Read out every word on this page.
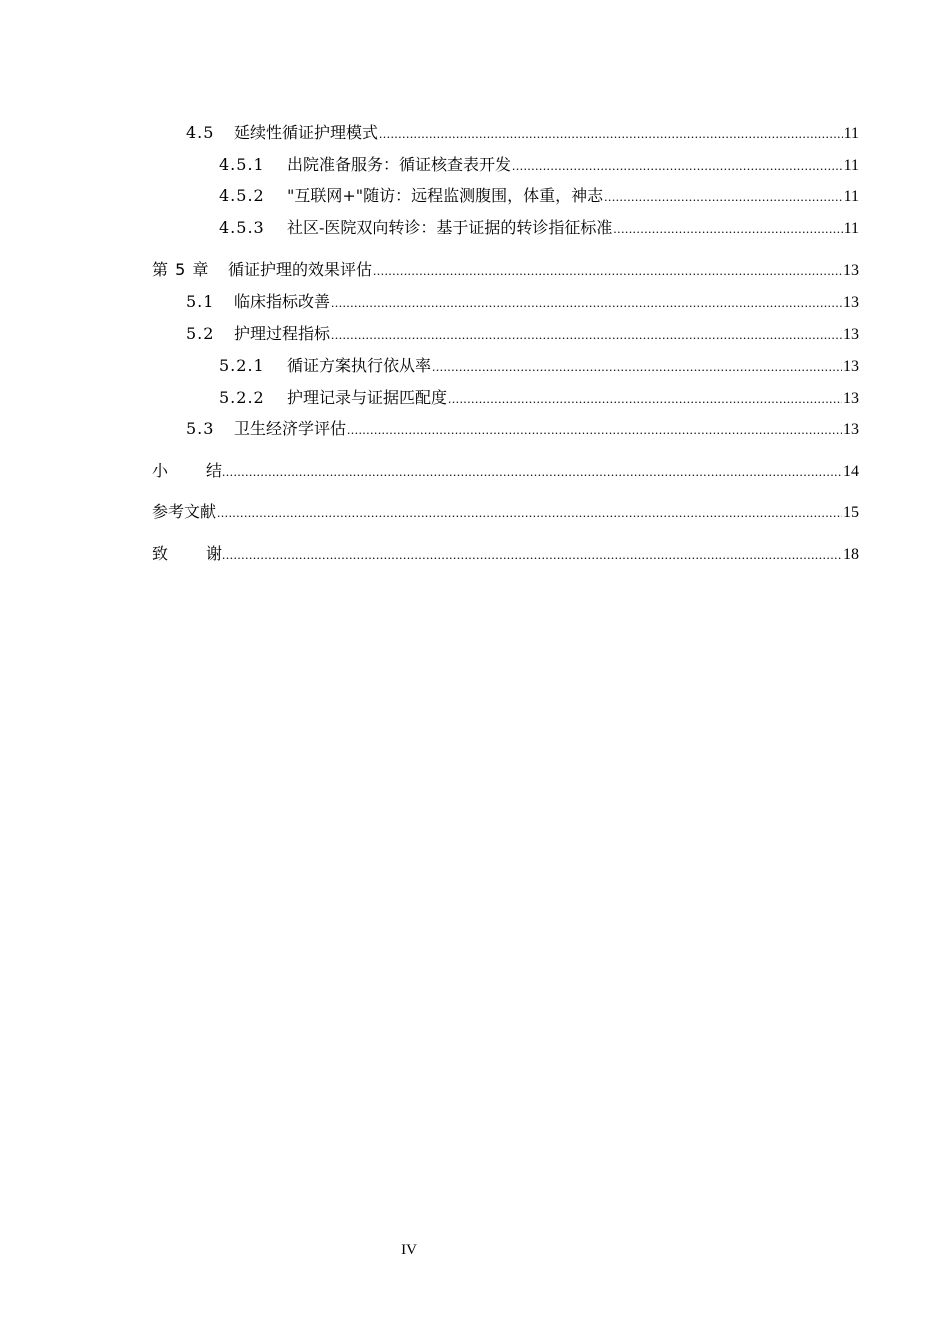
4.5	延续性循证护理模式 .....	11
4.5.1	出院准备服务：循证核查表开发 .....	11
4.5.2	"互联网+"随访：远程监测腹围，体重，神志 .....	11
4.5.3	社区-医院双向转诊：基于证据的转诊指征标准 .....	11
第 5 章	循证护理的效果评估 .....	13
5.1	临床指标改善 .....	13
5.2	护理过程指标 .....	13
5.2.1	循证方案执行依从率 .....	13
5.2.2	护理记录与证据匹配度 .....	13
5.3	卫生经济学评估 .....	13
小结 .....	14
参考文献 .....	15
致谢 .....	18
IV
